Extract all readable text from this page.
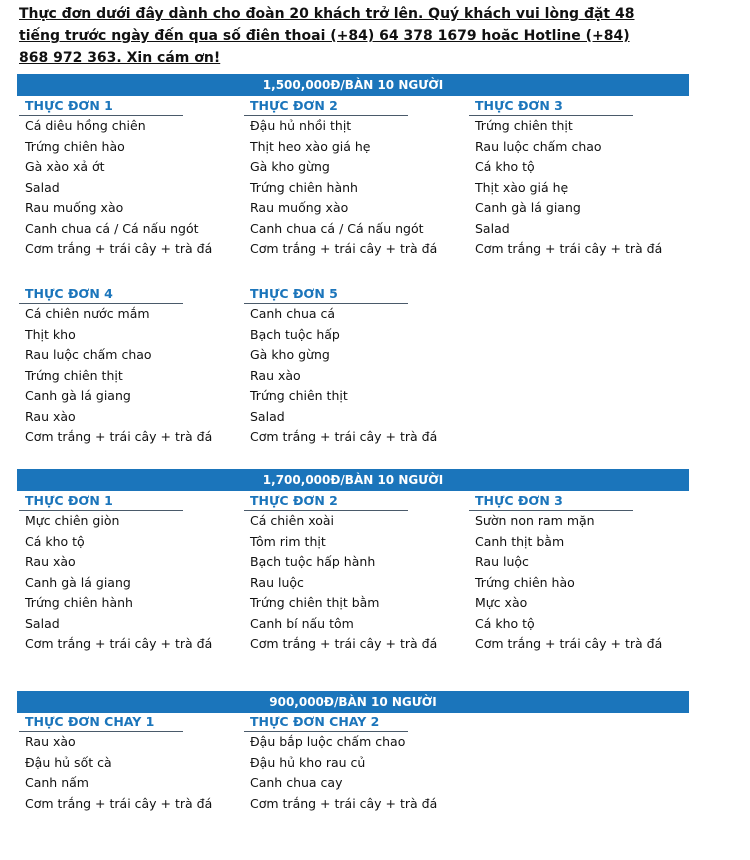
Thực đơn dưới đây dành cho đoàn 20 khách trở lên. Quý khách vui lòng đặt 48
tiếng trước ngày đến qua số điên thoai (+84) 64 378 1679 hoăc Hotline (+84)
868 972 363. Xin cám ơn!
1,500,000Đ/BÀN 10 NGƯỜI
THỰC ĐƠN 1
Cá diêu hồng chiên
Trứng chiên hào
Gà xào xả ớt
Salad
Rau muống xào
Canh chua cá / Cá nấu ngót
Cơm trắng + trái cây + trà đá
THỰC ĐƠN 2
Đậu hủ nhồi thịt
Thịt heo xào giá hẹ
Gà kho gừng
Trứng chiên hành
Rau muống xào
Canh chua cá / Cá nấu ngót
Cơm trắng + trái cây + trà đá
THỰC ĐƠN 3
Trứng chiên thịt
Rau luộc chấm chao
Cá kho tộ
Thịt xào giá hẹ
Canh gà lá giang
Salad
Cơm trắng + trái cây + trà đá
THỰC ĐƠN 4
Cá chiên nước mắm
Thịt kho
Rau luộc chấm chao
Trứng chiên thịt
Canh gà lá giang
Rau xào
Cơm trắng + trái cây + trà đá
THỰC ĐƠN 5
Canh chua cá
Bạch tuộc hấp
Gà kho gừng
Rau xào
Trứng chiên thịt
Salad
Cơm trắng + trái cây + trà đá
1,700,000Đ/BÀN 10 NGƯỜI
THỰC ĐƠN 1
Mực chiên giòn
Cá kho tộ
Rau xào
Canh gà lá giang
Trứng chiên hành
Salad
Cơm trắng + trái cây + trà đá
THỰC ĐƠN 2
Cá chiên xoài
Tôm rim thịt
Bạch tuộc hấp hành
Rau luộc
Trứng chiên thịt bằm
Canh bí nấu tôm
Cơm trắng + trái cây + trà đá
THỰC ĐƠN 3
Sườn non ram mặn
Canh thịt bằm
Rau luộc
Trứng chiên hào
Mực xào
Cá kho tộ
Cơm trắng + trái cây + trà đá
900,000Đ/BÀN 10 NGƯỜI
THỰC ĐƠN CHAY 1
Rau xào
Đậu hủ sốt cà
Canh nấm
Cơm trắng + trái cây + trà đá
THỰC ĐƠN CHAY 2
Đậu bắp luộc chấm chao
Đậu hủ kho rau củ
Canh chua cay
Cơm trắng + trái cây + trà đá
